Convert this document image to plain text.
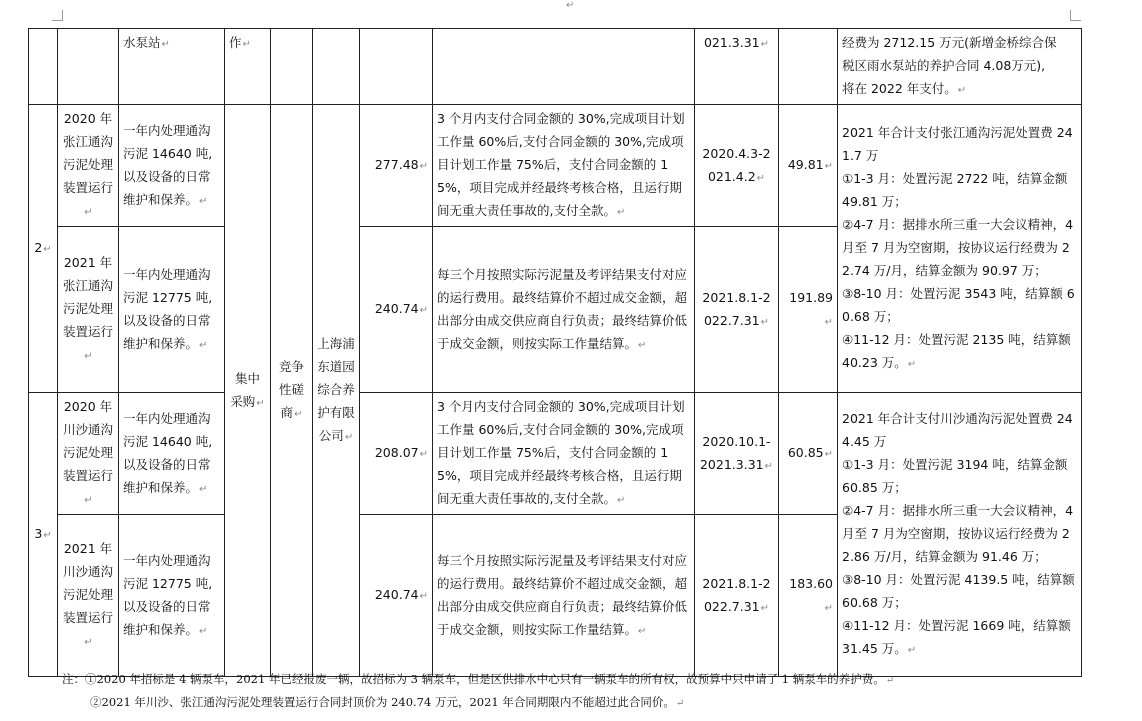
↵
		水泵站↵	作↵					021.3.31↵		经费为 2712.15 万元(新增金桥综合保
税区雨水泵站的养护合同 4.08万元),
将在 2022 年支付。↵

2↵	2020 年张江通沟污泥处理装置运行↵	一年内处理通沟污泥 14640 吨,以及设备的日常维护和保养。↵	集中采购↵	竞争性磋商↵	上海浦东道园综合养护有限公司↵	277.48↵	3 个月内支付合同金额的 30%,完成项目计划工作量 60%后,支付合同金额的 30%,完成项目计划工作量 75%后，支付合同金额的 15%，项目完成并经最终考核合格，且运行期间无重大责任事故的,支付全款。↵	2020.4.3-2021.4.2↵	49.81↵	2021 年合计支付张江通沟污泥处置费 241.7 万
①1-3 月：处置污泥 2722 吨，结算金额 49.81 万；
②4-7 月：据排水所三重一大会议精神，4 月至 7 月为空窗期，按协议运行经费为 22.74 万/月，结算金额为 90.97 万；
③8-10 月：处置污泥 3543 吨，结算额 60.68 万；
④11-12 月：处置污泥 2135 吨，结算额 40.23 万。↵

	2021 年张江通沟污泥处理装置运行↵	一年内处理通沟污泥 12775 吨,以及设备的日常维护和保养。↵				240.74↵	每三个月按照实际污泥量及考评结果支付对应的运行费用。最终结算价不超过成交金额，超出部分由成交供应商自行负责；最终结算价低于成交金额，则按实际工作量结算。↵	2021.8.1-2022.7.31↵	191.89↵	
3↵	2020 年川沙通沟污泥处理装置运行↵	一年内处理通沟污泥 14640 吨,以及设备的日常维护和保养。↵				208.07↵	3 个月内支付合同金额的 30%,完成项目计划工作量 60%后,支付合同金额的 30%,完成项目计划工作量 75%后，支付合同金额的 15%，项目完成并经最终考核合格，且运行期间无重大责任事故的,支付全款。↵	2020.10.1-2021.3.31↵	60.85↵	2021 年合计支付川沙通沟污泥处置费 244.45 万
①1-3 月：处置污泥 3194 吨，结算金额 60.85 万；
②4-7 月：据排水所三重一大会议精神，4 月至 7 月为空窗期，按协议运行经费为 22.86 万/月，结算金额为 91.46 万；
③8-10 月：处置污泥 4139.5 吨，结算额 60.68 万；
④11-12 月：处置污泥 1669 吨，结算额 31.45 万。↵

	2021 年川沙通沟污泥处理装置运行↵	一年内处理通沟污泥 12775 吨,以及设备的日常维护和保养。↵				240.74↵	每三个月按照实际污泥量及考评结果支付对应的运行费用。最终结算价不超过成交金额，超出部分由成交供应商自行负责；最终结算价低于成交金额，则按实际工作量结算。↵	2021.8.1-2022.7.31↵	183.60↵	
注：①2020 年招标是 4 辆泵车，2021 年已经报废一辆，故招标为 3 辆泵车，但是区供排水中心只有一辆泵车的所有权，故预算中只申请了 1 辆泵车的养护费。↵
②2021 年川沙、张江通沟污泥处理装置运行合同封顶价为 240.74 万元，2021 年合同期限内不能超过此合同价。↵
